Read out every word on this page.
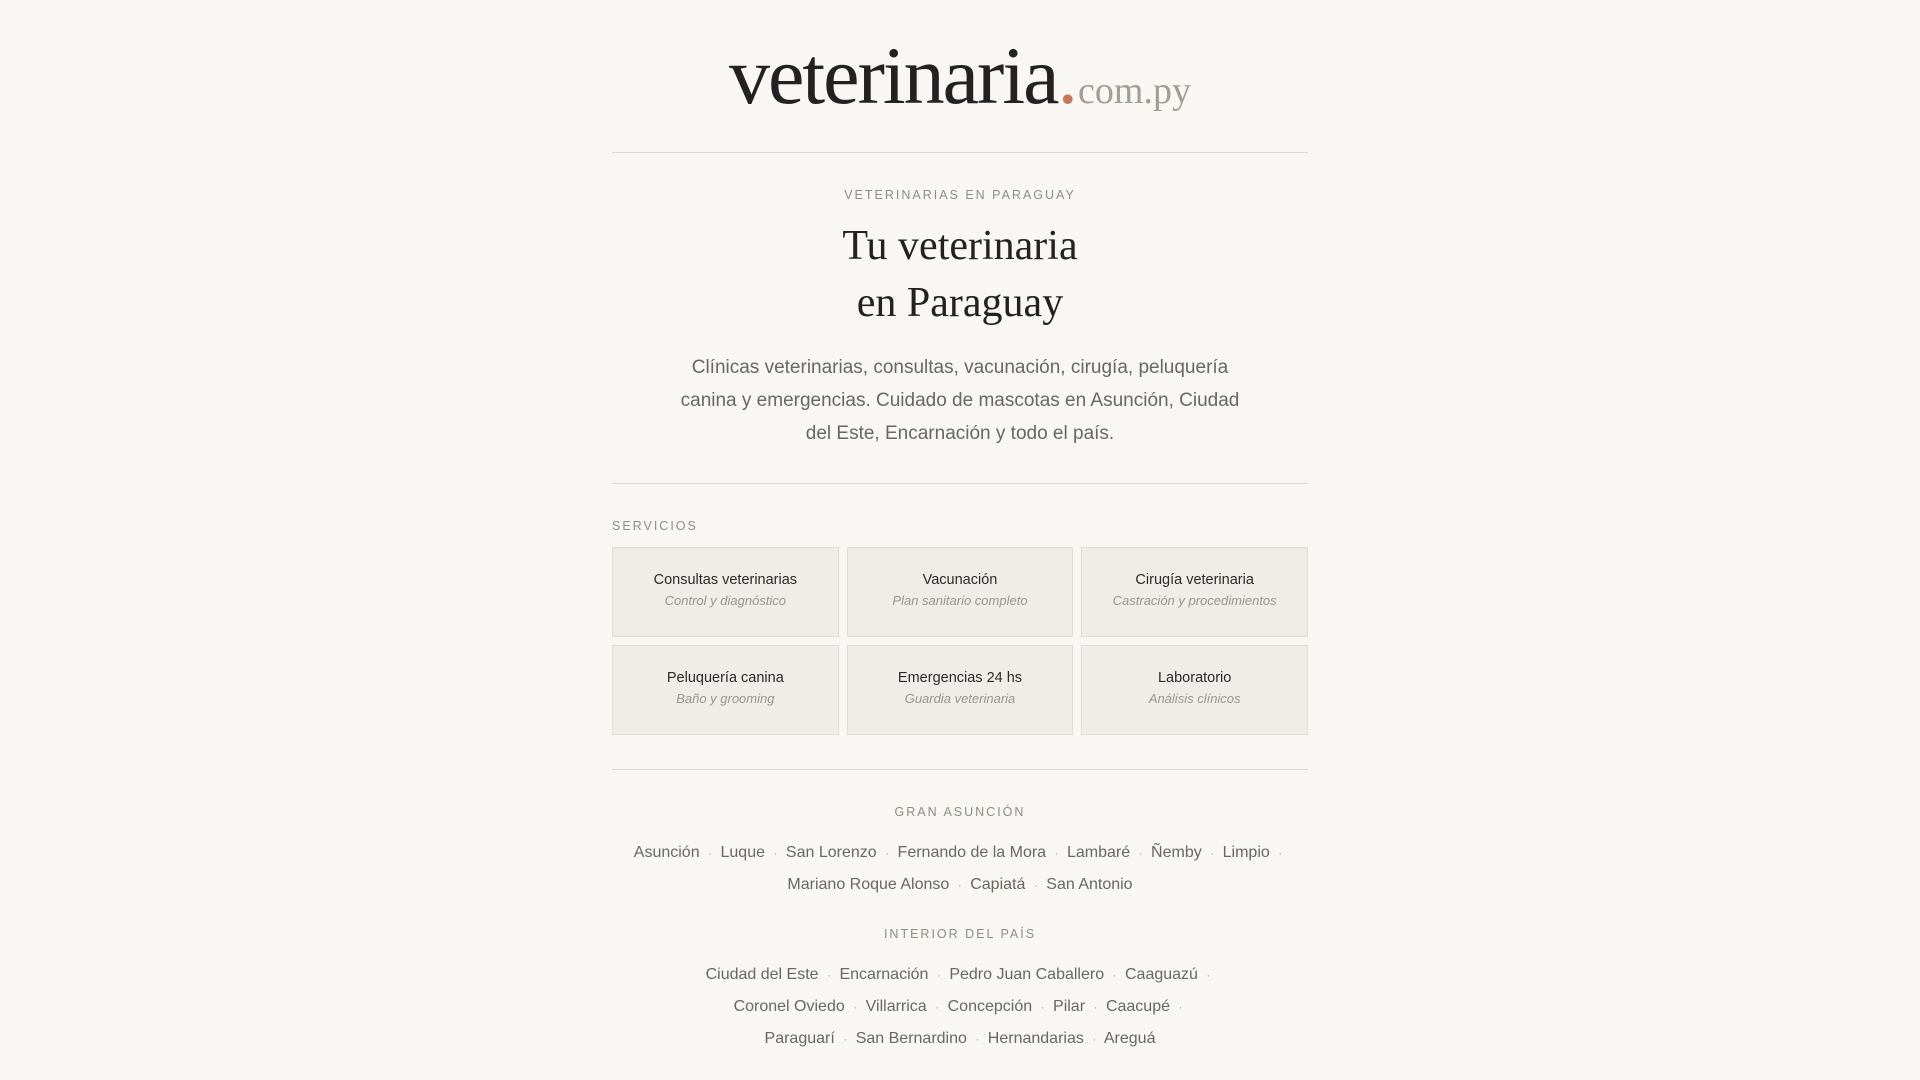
veterinaria.com.py
VETERINARIAS EN PARAGUAY
Tu veterinaria
en Paraguay

Clínicas veterinarias, consultas, vacunación, cirugía, peluquería canina y emergencias. Cuidado de mascotas en Asunción, Ciudad del Este, Encarnación y todo el país.

SERVICIOS
Consultas veterinarias
Control y diagnóstico
Vacunación
Plan sanitario completo
Cirugía veterinaria
Castración y procedimientos
Peluquería canina
Baño y grooming
Emergencias 24 hs
Guardia veterinaria
Laboratorio
Análisis clínicos
GRAN ASUNCIÓN
Asunción · Luque · San Lorenzo · Fernando de la Mora · Lambaré · Ñemby · Limpio · Mariano Roque Alonso · Capiatá · San Antonio
INTERIOR DEL PAÍS
Ciudad del Este · Encarnación · Pedro Juan Caballero · Caaguazú · Coronel Oviedo · Villarrica · Concepción · Pilar · Caacupé · Paraguarí · San Bernardino · Hernandarias · Areguá
